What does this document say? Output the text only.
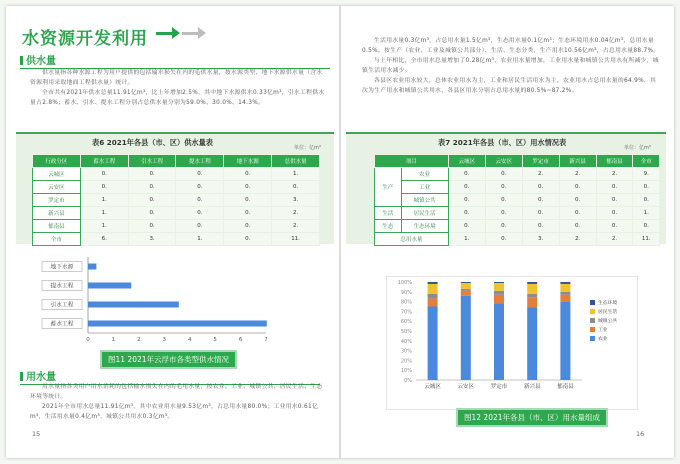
水资源开发利用
供水量

供水量指各种水源工程为用户提供的包括输水损失在内的毛供水量，按水源类型、地下水源供水量（含水资源利用采取地面工程供水量）统计。

全市共有2021年供水总量11.91亿m³，比上年增加2.5%，其中地下水源供水0.33亿m³，引水工程供水量占2.8%；蓄水、引水、提水工程分别占总供水量分别为59.0%、30.0%、14.3%。

表6 2021年各县（市、区）供水量表
单位：亿m³
行政分区	蓄水工程	引水工程	提水工程	地下水源	总供水量
云城区	0.	0.	0.	0.	1.
云安区	0.	0.	0.	0.	0.
罗定市	1.	0.	0.	0.	3.
新兴县	1.	0.	0.	0.	2.
郁南县	1.	0.	0.	0.	2.
全市	6.	3.	1.	0.	11.
0	1	2	3	4	5	6	7
地下水源
提水工程
引水工程
蓄水工程
图11 2021年云浮市各类型供水情况
用水量

用水量指各类用户用水消耗的包括输水损失在内的毛用水量，按农业、工业、城镇公共、居民生活、生态环境等统计。

2021年全市用水总量11.91亿m³，其中农业用水量9.53亿m³，占总用水量80.0%；工业用水0.61亿m³，生活用水量0.4亿m³，城镇公共用水0.3亿m³。

15

生活用水量0.3亿m³，占总用水量1.5亿m³，生态用水量0.1亿m³；生态环境用水0.04亿m³，总用水量0.5%。按生产（农业、工业及城镇公共部分）、生活、生态分类，生产用水10.56亿m³，占总用水量88.7%。

与上年相比，全市用水总量增加了0.28亿m³，农业用水量增加，工业用水量和城镇公共用水有所减少，城镇生活用水减少。

各县区农业用水较大，总体农业用水为主，工业和居民生活用水为主，农业用水占总用水量的64.9%，其次为生产用水和城镇公共用水，各县区用水分别占总用水量的80.5%~87.2%。

表7 2021年各县（市、区）用水情况表
单位：亿m³
项目		云城区	云安区	罗定市	新兴县	郁南县	全市
生产	农业	0.	0.	2.	2.	2.	9.
	工业	0.	0.	0.	0.	0.	0.
	城镇公共	0.	0.	0.	0.	0.	0.
生活	居民生活	0.	0.	0.	0.	0.	1.
生态	生态环境	0.	0.	0.	0.	0.	0.
总用水量		1.	0.	3.	2.	2.	11.
0%
10%
20%
30%
40%
50%
60%
70%
80%
90%
100%
云城区	云安区	罗定市	新兴县	郁南县
生态环境
居民生活
城镇公共
工业
农业
图12 2021年各县（市、区）用水量组成
16
